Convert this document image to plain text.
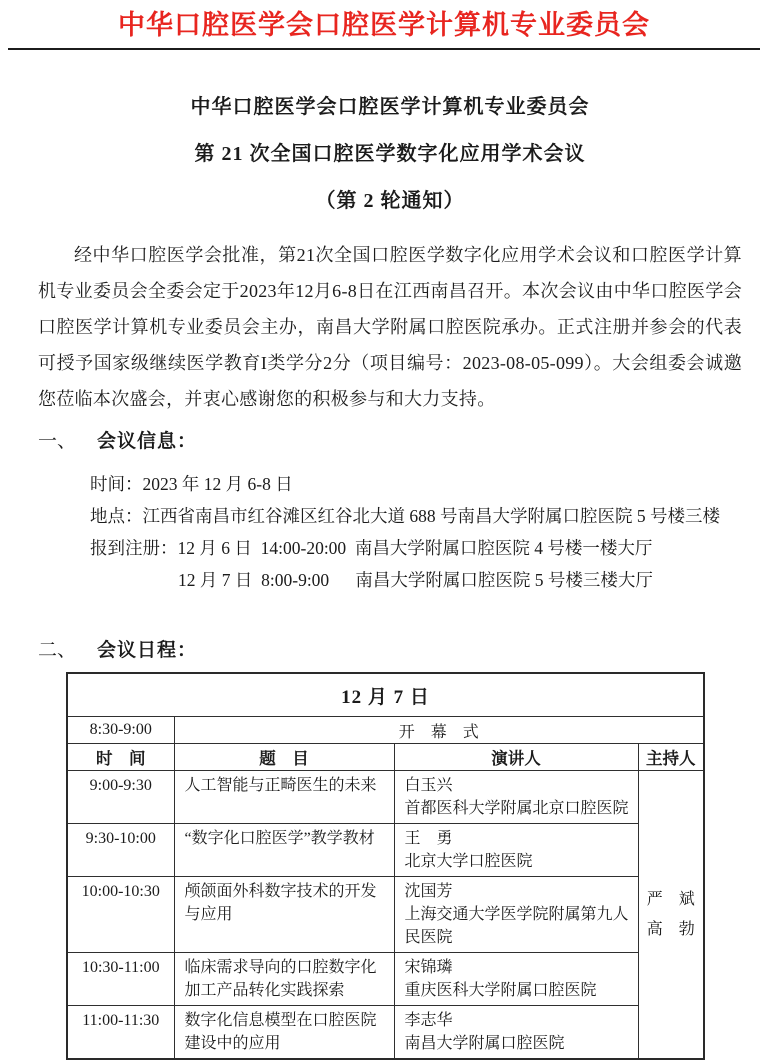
中华口腔医学会口腔医学计算机专业委员会
中华口腔医学会口腔医学计算机专业委员会
第 21 次全国口腔医学数字化应用学术会议
（第 2 轮通知）
经中华口腔医学会批准，第21次全国口腔医学数字化应用学术会议和口腔医学计算机专业委员会全委会定于2023年12月6-8日在江西南昌召开。本次会议由中华口腔医学会口腔医学计算机专业委员会主办，南昌大学附属口腔医院承办。正式注册并参会的代表可授予国家级继续医学教育I类学分2分（项目编号：2023-08-05-099）。大会组委会诚邀您莅临本次盛会，并衷心感谢您的积极参与和大力支持。
一、	会议信息：
时间：2023 年 12 月 6-8 日
地点：江西省南昌市红谷滩区红谷北大道 688 号南昌大学附属口腔医院 5 号楼三楼
报到注册： 12 月 6 日  14:00-20:00  南昌大学附属口腔医院 4 号楼一楼大厅
12 月 7 日  8:00-9:00      南昌大学附属口腔医院 5 号楼三楼大厅
二、	会议日程：
12 月 7 日			
8:30-9:00	开　幕　式		
时　间	题　目	演讲人	主持人
9:00-9:30	人工智能与正畸医生的未来	白玉兴
首都医科大学附属北京口腔医院

严　斌
高　勃

9:30-10:00	“数字化口腔医学”教学教材	王　勇
北京大学口腔医院	

10:00-10:30	颅颌面外科数字技术的开发与应用	沈国芳
上海交通大学医学院附属第九人民医院	

10:30-11:00	临床需求导向的口腔数字化加工产品转化实践探索	宋锦璘
重庆医科大学附属口腔医院	

11:00-11:30	数字化信息模型在口腔医院建设中的应用	李志华
南昌大学附属口腔医院	
